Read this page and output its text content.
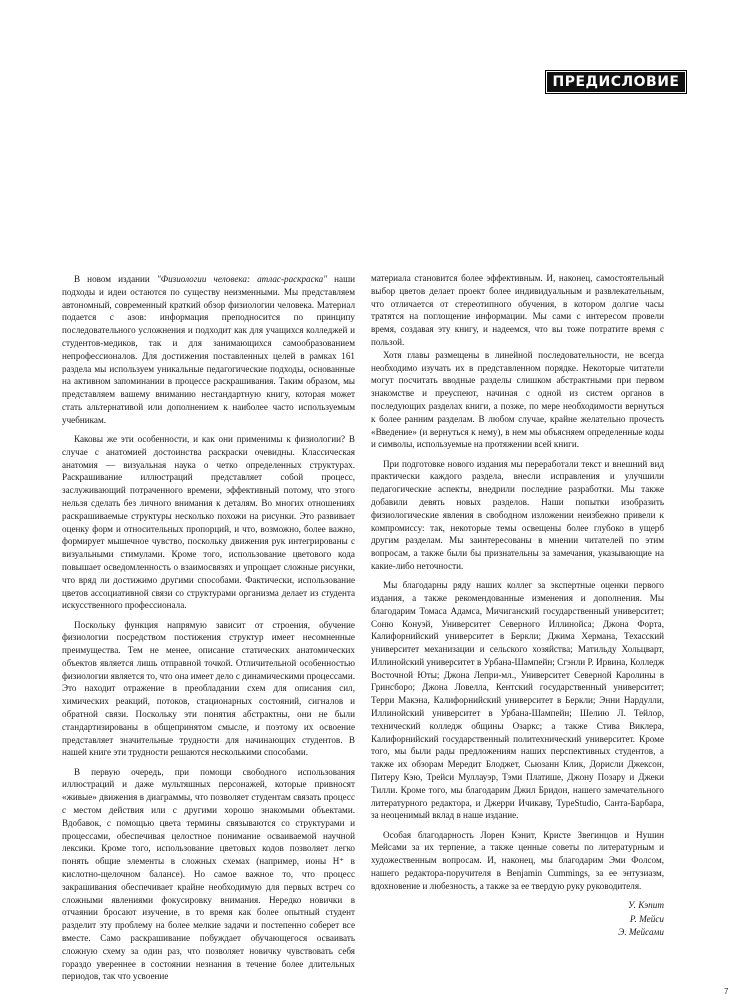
ПРЕДИСЛОВИЕ

В новом издании "Физиологии человека: атлас-раскраска" наши подходы и идеи остаются по существу неизменными. Мы представляем автономный, современный краткий обзор физиологии человека. Материал подается с азов: информация преподносится по принципу последовательного усложнения и подходит как для учащихся колледжей и студентов-медиков, так и для занимающихся самообразованием непрофессионалов. Для достижения поставленных целей в рамках 161 раздела мы используем уникальные педагогические подходы, основанные на активном запоминании в процессе раскрашивания. Таким образом, мы представляем вашему вниманию нестандартную книгу, которая может стать альтернативой или дополнением к наиболее часто используемым учебникам.

Каковы же эти особенности, и как они применимы к физиологии? В случае с анатомией достоинства раскраски очевидны. Классическая анатомия — визуальная наука о четко определенных структурах. Раскрашивание иллюстраций представляет собой процесс, заслуживающий потраченного времени, эффективный потому, что этого нельзя сделать без личного внимания к деталям. Во многих отношениях раскрашиваемые структуры несколько похожи на рисунки. Это развивает оценку форм и относительных пропорций, и что, возможно, более важно, формирует мышечное чувство, поскольку движения рук интегрированы с визуальными стимулами. Кроме того, использование цветового кода повышает осведомленность о взаимосвязях и упрощает сложные рисунки, что вряд ли достижимо другими способами. Фактически, использование цветов ассоциативной связи со структурами организма делает из студента искусственного профессионала.

Поскольку функция напрямую зависит от строения, обучение физиологии посредством постижения структур имеет несомненные преимущества. Тем не менее, описание статических анатомических объектов является лишь отправной точкой. Отличительной особенностью физиологии является то, что она имеет дело с динамическими процессами. Это находит отражение в преобладании схем для описания сил, химических реакций, потоков, стационарных состояний, сигналов и обратной связи. Поскольку эти понятия абстрактны, они не были стандартизированы в общепринятом смысле, и поэтому их освоение представляет значительные трудности для начинающих студентов. В нашей книге эти трудности решаются несколькими способами.

В первую очередь, при помощи свободного использования иллюстраций и даже мультяшных персонажей, которые привносят «живые» движения в диаграммы, что позволяет студентам связать процесс с местом действия или с другими хорошо знакомыми объектами. Вдобавок, с помощью цвета термины связываются со структурами и процессами, обеспечивая целостное понимание осваиваемой научной лексики. Кроме того, использование цветовых кодов позволяет легко понять общие элементы в сложных схемах (например, ионы H⁺ в кислотно-щелочном балансе). Но самое важное то, что процесс закрашивания обеспечивает крайне необходимую для первых встреч со сложными явлениями фокусировку внимания. Нередко новички в отчаянии бросают изучение, в то время как более опытный студент разделит эту проблему на более мелкие задачи и постепенно соберет все вместе. Само раскрашивание побуждает обучающегося осваивать сложную схему за один раз, что позволяет новичку чувствовать себя гораздо увереннее в состоянии незнания в течение более длительных периодов, так что усвоение

материала становится более эффективным. И, наконец, самостоятельный выбор цветов делает проект более индивидуальным и развлекательным, что отличается от стереотипного обучения, в котором долгие часы тратятся на поглощение информации. Мы сами с интересом провели время, создавая эту книгу, и надеемся, что вы тоже потратите время с пользой.

Хотя главы размещены в линейной последовательности, не всегда необходимо изучать их в представленном порядке. Некоторые читатели могут посчитать вводные разделы слишком абстрактными при первом знакомстве и преуспеют, начиная с одной из систем органов в последующих разделах книги, а позже, по мере необходимости вернуться к более ранним разделам. В любом случае, крайне желательно прочесть «Введение» (и вернуться к нему), в нем мы объясняем определенные коды и символы, используемые на протяжении всей книги.

При подготовке нового издания мы переработали текст и внешний вид практически каждого раздела, внесли исправления и улучшили педагогические аспекты, внедрили последние разработки. Мы также добавили девять новых разделов. Наши попытки изобразить физиологические явления в свободном изложении неизбежно привели к компромиссу: так, некоторые темы освещены более глубоко в ущерб другим разделам. Мы заинтересованы в мнении читателей по этим вопросам, а также были бы признательны за замечания, указывающие на какие-либо неточности.

Мы благодарны ряду наших коллег за экспертные оценки первого издания, а также рекомендованные изменения и дополнения. Мы благодарим Томаса Адамса, Мичиганский государственный университет; Соню Конуэй, Университет Северного Иллинойса; Джона Форта, Калифорнийский университет в Беркли; Джима Хермана, Техасский университет механизации и сельского хозяйства; Матильду Хольцварт, Иллинойский университет в Урбана-Шампейн; Сгэнли Р. Ирвина, Колледж Восточной Юты; Джона Лепри-мл., Университет Северной Каролины в Гринсборо; Джона Ловелла, Кентский государственный университет; Терри Макэна, Калифорнийский университет в Беркли; Энни Нардулли, Иллинойский университет в Урбана-Шампейн; Шелию Л. Тейлор, технический колледж общины Озаркс; а также Стива Виклера, Калифорнийский государственный политехнический университет. Кроме того, мы были рады предложениям наших перспективных студентов, а также их обзорам Мередит Блоджет, Сьюзанн Клик, Дорисли Джексон, Питеру Кэю, Трейси Муллауэр, Тэми Платише, Джону Позару и Джеки Тилли. Кроме того, мы благодарим Джил Бридон, нашего замечательного литературного редактора, и Джерри Ичикаву, TypeStudio, Санта-Барбара, за неоценимый вклад в наше издание.

Особая благодарность Лорен Кэнит, Кристе Звегинцов и Нушин Мейсами за их терпение, а также ценные советы по литературным и художественным вопросам. И, наконец, мы благодарим Эми Фолсом, нашего редактора-поручителя в Benjamin Cummings, за ее энтузиазм, вдохновение и любезность, а также за ее твердую руку руководителя.

У. Кэпит
Р. Мейси
Э. Мейсами
7
